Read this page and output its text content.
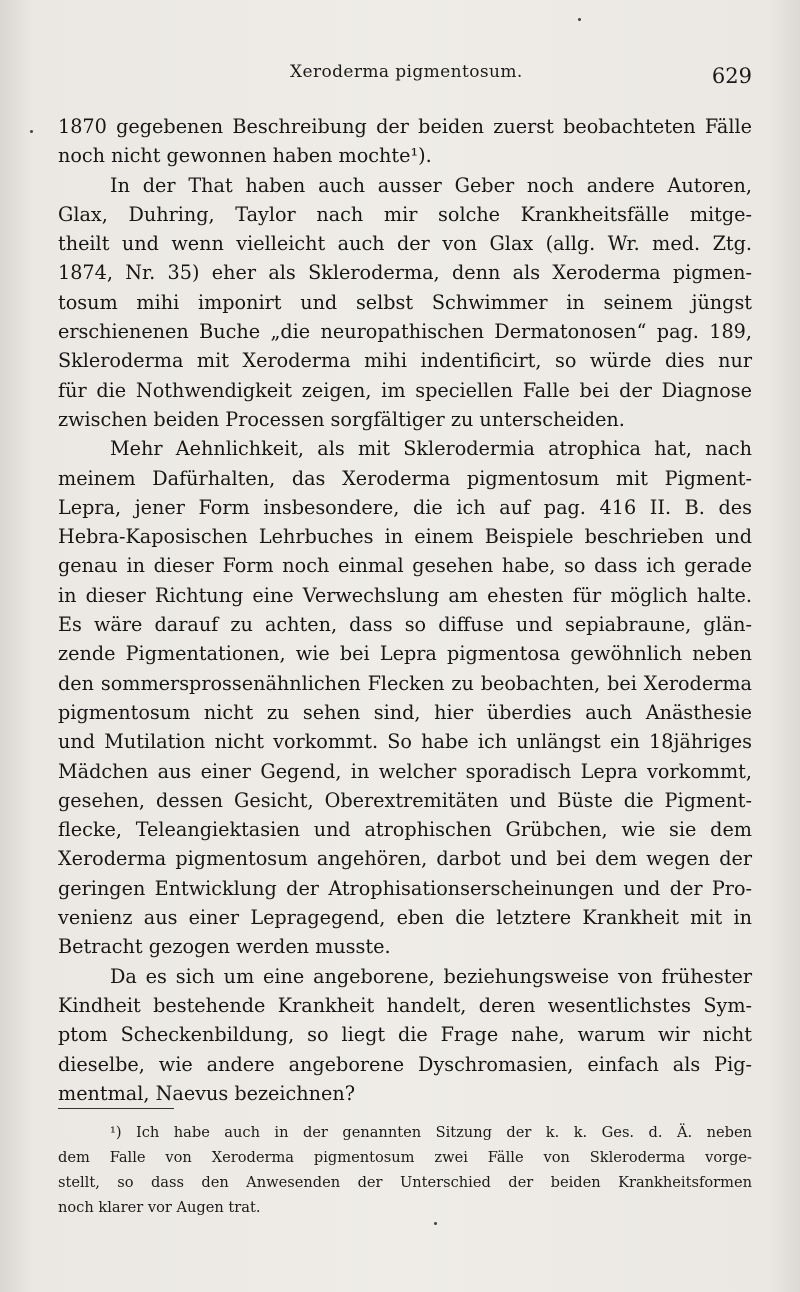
Xeroderma pigmentosum.	629
1870 gegebenen Beschreibung der beiden zuerst beobachteten Fälle
noch nicht gewonnen haben mochte¹).
In der That haben auch ausser Geber noch andere Autoren,
Glax, Duhring, Taylor nach mir solche Krankheitsfälle mitge-
theilt und wenn vielleicht auch der von Glax (allg. Wr. med. Ztg.
1874, Nr. 35) eher als Skleroderma, denn als Xeroderma pigmen-
tosum mihi imponirt und selbst Schwimmer in seinem jüngst
erschienenen Buche „die neuropathischen Dermatonosen“ pag. 189,
Skleroderma mit Xeroderma mihi indentificirt, so würde dies nur
für die Nothwendigkeit zeigen, im speciellen Falle bei der Diagnose
zwischen beiden Processen sorgfältiger zu unterscheiden.
Mehr Aehnlichkeit, als mit Sklerodermia atrophica hat, nach
meinem Dafürhalten, das Xeroderma pigmentosum mit Pigment-
Lepra, jener Form insbesondere, die ich auf pag. 416 II. B. des
Hebra-Kaposischen Lehrbuches in einem Beispiele beschrieben und
genau in dieser Form noch einmal gesehen habe, so dass ich gerade
in dieser Richtung eine Verwechslung am ehesten für möglich halte.
Es wäre darauf zu achten, dass so diffuse und sepiabraune, glän-
zende Pigmentationen, wie bei Lepra pigmentosa gewöhnlich neben
den sommersprossenähnlichen Flecken zu beobachten, bei Xeroderma
pigmentosum nicht zu sehen sind, hier überdies auch Anästhesie
und Mutilation nicht vorkommt. So habe ich unlängst ein 18jähriges
Mädchen aus einer Gegend, in welcher sporadisch Lepra vorkommt,
gesehen, dessen Gesicht, Oberextremitäten und Büste die Pigment-
flecke, Teleangiektasien und atrophischen Grübchen, wie sie dem
Xeroderma pigmentosum angehören, darbot und bei dem wegen der
geringen Entwicklung der Atrophisationserscheinungen und der Pro-
venienz aus einer Lepragegend, eben die letztere Krankheit mit in
Betracht gezogen werden musste.
Da es sich um eine angeborene, beziehungsweise von frühester
Kindheit bestehende Krankheit handelt, deren wesentlichstes Sym-
ptom Scheckenbildung, so liegt die Frage nahe, warum wir nicht
dieselbe, wie andere angeborene Dyschromasien, einfach als Pig-
mentmal, Naevus bezeichnen?
¹) Ich habe auch in der genannten Sitzung der k. k. Ges. d. Ä. neben
dem Falle von Xeroderma pigmentosum zwei Fälle von Skleroderma vorge-
stellt, so dass den Anwesenden der Unterschied der beiden Krankheitsformen
noch klarer vor Augen trat.
